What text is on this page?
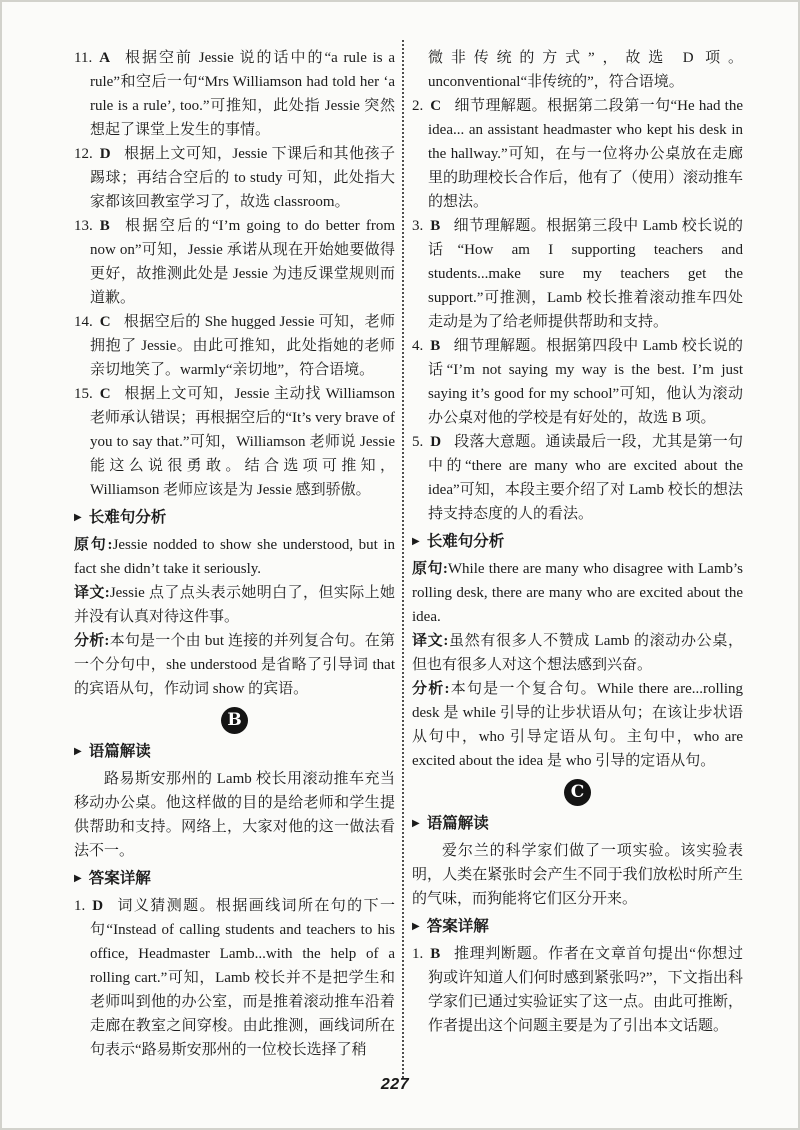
11. A 根据空前 Jessie 说的话中的“a rule is a rule”和空后一句“Mrs Williamson had told her ‘a rule is a rule’, too.”可推知，此处指 Jessie 突然想起了课堂上发生的事情。

12. D 根据上文可知，Jessie 下课后和其他孩子踢球；再结合空后的 to study 可知，此处指大家都该回教室学习了，故选 classroom。

13. B 根据空后的“I’m going to do better from now on”可知，Jessie 承诺从现在开始她要做得更好，故推测此处是 Jessie 为违反课堂规则而道歉。

14. C 根据空后的 She hugged Jessie 可知，老师拥抱了 Jessie。由此可推知，此处指她的老师亲切地笑了。warmly“亲切地”，符合语境。

15. C 根据上文可知，Jessie 主动找 Williamson 老师承认错误；再根据空后的“It’s very brave of you to say that.”可知，Williamson 老师说 Jessie 能这么说很勇敢。结合选项可推知，Williamson 老师应该是为 Jessie 感到骄傲。

▶ 长难句分析

原句:Jessie nodded to show she understood, but in fact she didn’t take it seriously.

译文:Jessie 点了点头表示她明白了，但实际上她并没有认真对待这件事。

分析:本句是一个由 but 连接的并列复合句。在第一个分句中，she understood 是省略了引导词 that 的宾语从句，作动词 show 的宾语。

B
▶ 语篇解读

路易斯安那州的 Lamb 校长用滚动推车充当移动办公桌。他这样做的目的是给老师和学生提供帮助和支持。网络上，大家对他的这一做法看法不一。

▶ 答案详解

1. D 词义猜测题。根据画线词所在句的下一句“Instead of calling students and teachers to his office, Headmaster Lamb...with the help of a rolling cart.”可知，Lamb 校长并不是把学生和老师叫到他的办公室，而是推着滚动推车沿着走廊在教室之间穿梭。由此推测，画线词所在句表示“路易斯安那州的一位校长选择了稍

微非传统的方式”，故选 D 项。unconventional“非传统的”，符合语境。

2. C 细节理解题。根据第二段第一句“He had the idea... an assistant headmaster who kept his desk in the hallway.”可知，在与一位将办公桌放在走廊里的助理校长合作后，他有了（使用）滚动推车的想法。

3. B 细节理解题。根据第三段中 Lamb 校长说的话“How am I supporting teachers and students...make sure my teachers get the support.”可推测，Lamb 校长推着滚动推车四处走动是为了给老师提供帮助和支持。

4. B 细节理解题。根据第四段中 Lamb 校长说的话“I’m not saying my way is the best. I’m just saying it’s good for my school”可知，他认为滚动办公桌对他的学校是有好处的，故选 B 项。

5. D 段落大意题。通读最后一段，尤其是第一句中的“there are many who are excited about the idea”可知，本段主要介绍了对 Lamb 校长的想法持支持态度的人的看法。

▶ 长难句分析

原句:While there are many who disagree with Lamb’s rolling desk, there are many who are excited about the idea.

译文:虽然有很多人不赞成 Lamb 的滚动办公桌，但也有很多人对这个想法感到兴奋。

分析:本句是一个复合句。While there are...rolling desk 是 while 引导的让步状语从句；在该让步状语从句中，who 引导定语从句。主句中，who are excited about the idea 是 who 引导的定语从句。

C
▶ 语篇解读

爱尔兰的科学家们做了一项实验。该实验表明，人类在紧张时会产生不同于我们放松时所产生的气味，而狗能将它们区分开来。

▶ 答案详解

1. B 推理判断题。作者在文章首句提出“你想过狗或许知道人们何时感到紧张吗?”，下文指出科学家们已通过实验证实了这一点。由此可推断，作者提出这个问题主要是为了引出本文话题。

227
